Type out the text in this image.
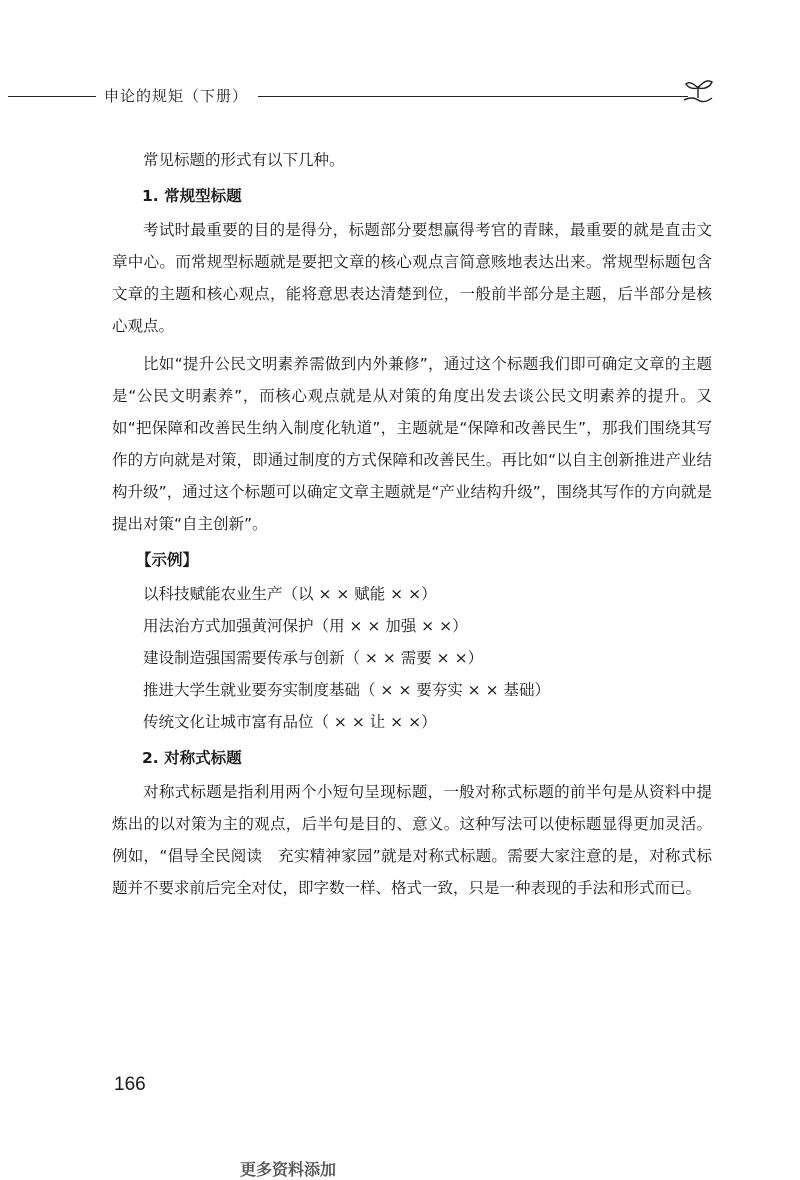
申论的规矩（下册）

常见标题的形式有以下几种。

1. 常规型标题

考试时最重要的目的是得分，标题部分要想赢得考官的青睐，最重要的就是直击文章中心。而常规型标题就是要把文章的核心观点言简意赅地表达出来。常规型标题包含文章的主题和核心观点，能将意思表达清楚到位，一般前半部分是主题，后半部分是核心观点。

比如“提升公民文明素养需做到内外兼修”，通过这个标题我们即可确定文章的主题是“公民文明素养”，而核心观点就是从对策的角度出发去谈公民文明素养的提升。又如“把保障和改善民生纳入制度化轨道”，主题就是“保障和改善民生”，那我们围绕其写作的方向就是对策，即通过制度的方式保障和改善民生。再比如“以自主创新推进产业结构升级”，通过这个标题可以确定文章主题就是“产业结构升级”，围绕其写作的方向就是提出对策“自主创新”。

【示例】
以科技赋能农业生产（以 × × 赋能 × ×）
用法治方式加强黄河保护（用 × × 加强 × ×）
建设制造强国需要传承与创新（ × × 需要 × ×）
推进大学生就业要夯实制度基础（ × × 要夯实 × × 基础）
传统文化让城市富有品位（ × × 让 × ×）
2. 对称式标题

对称式标题是指利用两个小短句呈现标题，一般对称式标题的前半句是从资料中提炼出的以对策为主的观点，后半句是目的、意义。这种写法可以使标题显得更加灵活。例如，“倡导全民阅读　充实精神家园”就是对称式标题。需要大家注意的是，对称式标题并不要求前后完全对仗，即字数一样、格式一致，只是一种表现的手法和形式而已。

166
更多资料添加
